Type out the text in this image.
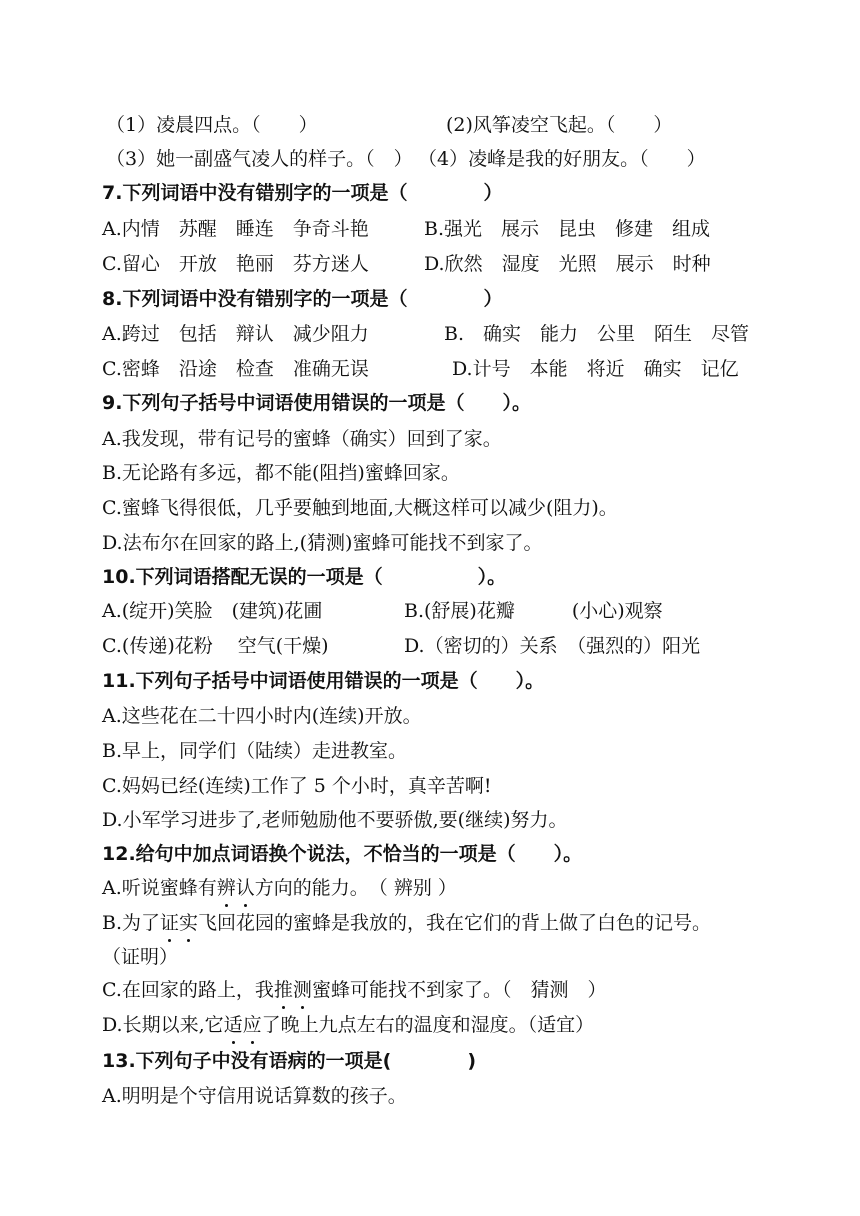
（1）凌晨四点。（　　）	(2)风筝凌空飞起。（　　）
（3）她一副盛气凌人的样子。（　） （4）凌峰是我的好朋友。（　　）
7.下列词语中没有错别字的一项是（　　　　）
A.内情　苏醒　睡连　争奇斗艳	B.强光　展示　昆虫　修建　组成
C.留心　开放　艳丽　芬方迷人	D.欣然　湿度　光照　展示　时种
8.下列词语中没有错别字的一项是（　　　　）
A.跨过　包括　辩认　减少阻力	B.　确实　能力　公里　陌生　尽管
C.密蜂　沿途　检查　准确无误	D.计号　本能　将近　确实　记亿
9.下列句子括号中词语使用错误的一项是（　　）。
A.我发现，带有记号的蜜蜂（确实）回到了家。
B.无论路有多远，都不能(阻挡)蜜蜂回家。
C.蜜蜂飞得很低，几乎要触到地面,大概这样可以减少(阻力)。
D.法布尔在回家的路上,(猜测)蜜蜂可能找不到家了。
10.下列词语搭配无误的一项是（　　　　　）。
A.(绽开)笑脸　(建筑)花圃	B.(舒展)花瓣　　　(小心)观察
C.(传递)花粉　 空气(干燥)	D.（密切的）关系　（强烈的）阳光
11.下列句子括号中词语使用错误的一项是（　　）。
A.这些花在二十四小时内(连续)开放。
B.早上，同学们（陆续）走进教室。
C.妈妈已经(连续)工作了 5 个小时，真辛苦啊!
D.小军学习进步了,老师勉励他不要骄傲,要(继续)努力。
12.给句中加点词语换个说法，不恰当的一项是（　　）。
A.听说蜜蜂有辨认方向的能力。　（ 辨别 ）
B.为了证实飞回花园的蜜蜂是我放的，我在它们的背上做了白色的记号。
（证明）
C.在回家的路上，我推测蜜蜂可能找不到家了。（　猜测　）
D.长期以来,它适应了晚上九点左右的温度和湿度。（适宜）
13.下列句子中没有语病的一项是(　　　　)
A.明明是个守信用说话算数的孩子。
